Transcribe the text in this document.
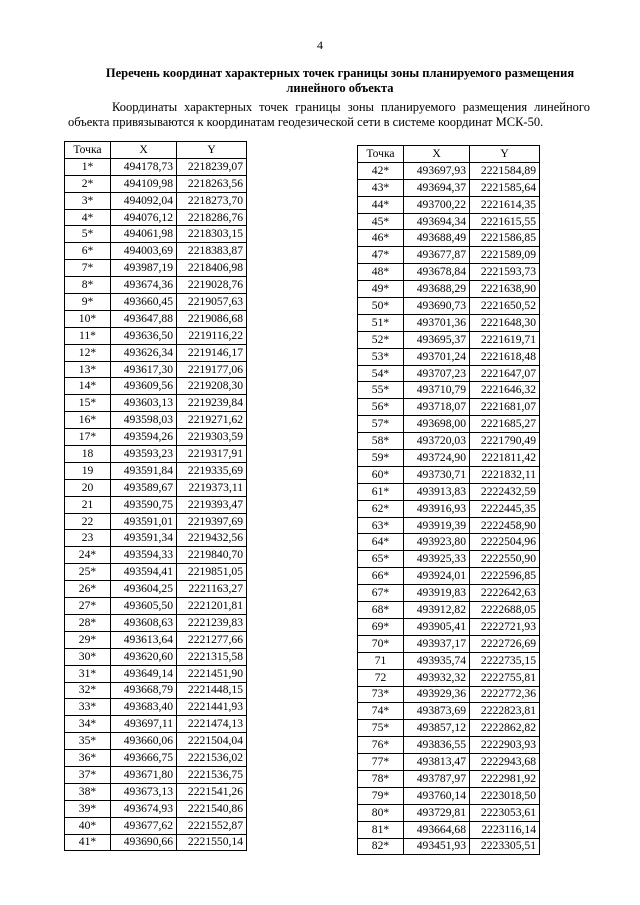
4
Перечень координат характерных точек границы зоны планируемого размещения
линейного объекта
Координаты характерных точек границы зоны планируемого размещения линейного объекта привязываются к координатам геодезической сети в системе координат МСК-50.
Точка	X	Y
1*	494178,73	2218239,07
2*	494109,98	2218263,56
3*	494092,04	2218273,70
4*	494076,12	2218286,76
5*	494061,98	2218303,15
6*	494003,69	2218383,87
7*	493987,19	2218406,98
8*	493674,36	2219028,76
9*	493660,45	2219057,63
10*	493647,88	2219086,68
11*	493636,50	2219116,22
12*	493626,34	2219146,17
13*	493617,30	2219177,06
14*	493609,56	2219208,30
15*	493603,13	2219239,84
16*	493598,03	2219271,62
17*	493594,26	2219303,59
18	493593,23	2219317,91
19	493591,84	2219335,69
20	493589,67	2219373,11
21	493590,75	2219393,47
22	493591,01	2219397,69
23	493591,34	2219432,56
24*	493594,33	2219840,70
25*	493594,41	2219851,05
26*	493604,25	2221163,27
27*	493605,50	2221201,81
28*	493608,63	2221239,83
29*	493613,64	2221277,66
30*	493620,60	2221315,58
31*	493649,14	2221451,90
32*	493668,79	2221448,15
33*	493683,40	2221441,93
34*	493697,11	2221474,13
35*	493660,06	2221504,04
36*	493666,75	2221536,02
37*	493671,80	2221536,75
38*	493673,13	2221541,26
39*	493674,93	2221540,86
40*	493677,62	2221552,87
41*	493690,66	2221550,14
Точка	X	Y
42*	493697,93	2221584,89
43*	493694,37	2221585,64
44*	493700,22	2221614,35
45*	493694,34	2221615,55
46*	493688,49	2221586,85
47*	493677,87	2221589,09
48*	493678,84	2221593,73
49*	493688,29	2221638,90
50*	493690,73	2221650,52
51*	493701,36	2221648,30
52*	493695,37	2221619,71
53*	493701,24	2221618,48
54*	493707,23	2221647,07
55*	493710,79	2221646,32
56*	493718,07	2221681,07
57*	493698,00	2221685,27
58*	493720,03	2221790,49
59*	493724,90	2221811,42
60*	493730,71	2221832,11
61*	493913,83	2222432,59
62*	493916,93	2222445,35
63*	493919,39	2222458,90
64*	493923,80	2222504,96
65*	493925,33	2222550,90
66*	493924,01	2222596,85
67*	493919,83	2222642,63
68*	493912,82	2222688,05
69*	493905,41	2222721,93
70*	493937,17	2222726,69
71	493935,74	2222735,15
72	493932,32	2222755,81
73*	493929,36	2222772,36
74*	493873,69	2222823,81
75*	493857,12	2222862,82
76*	493836,55	2222903,93
77*	493813,47	2222943,68
78*	493787,97	2222981,92
79*	493760,14	2223018,50
80*	493729,81	2223053,61
81*	493664,68	2223116,14
82*	493451,93	2223305,51
